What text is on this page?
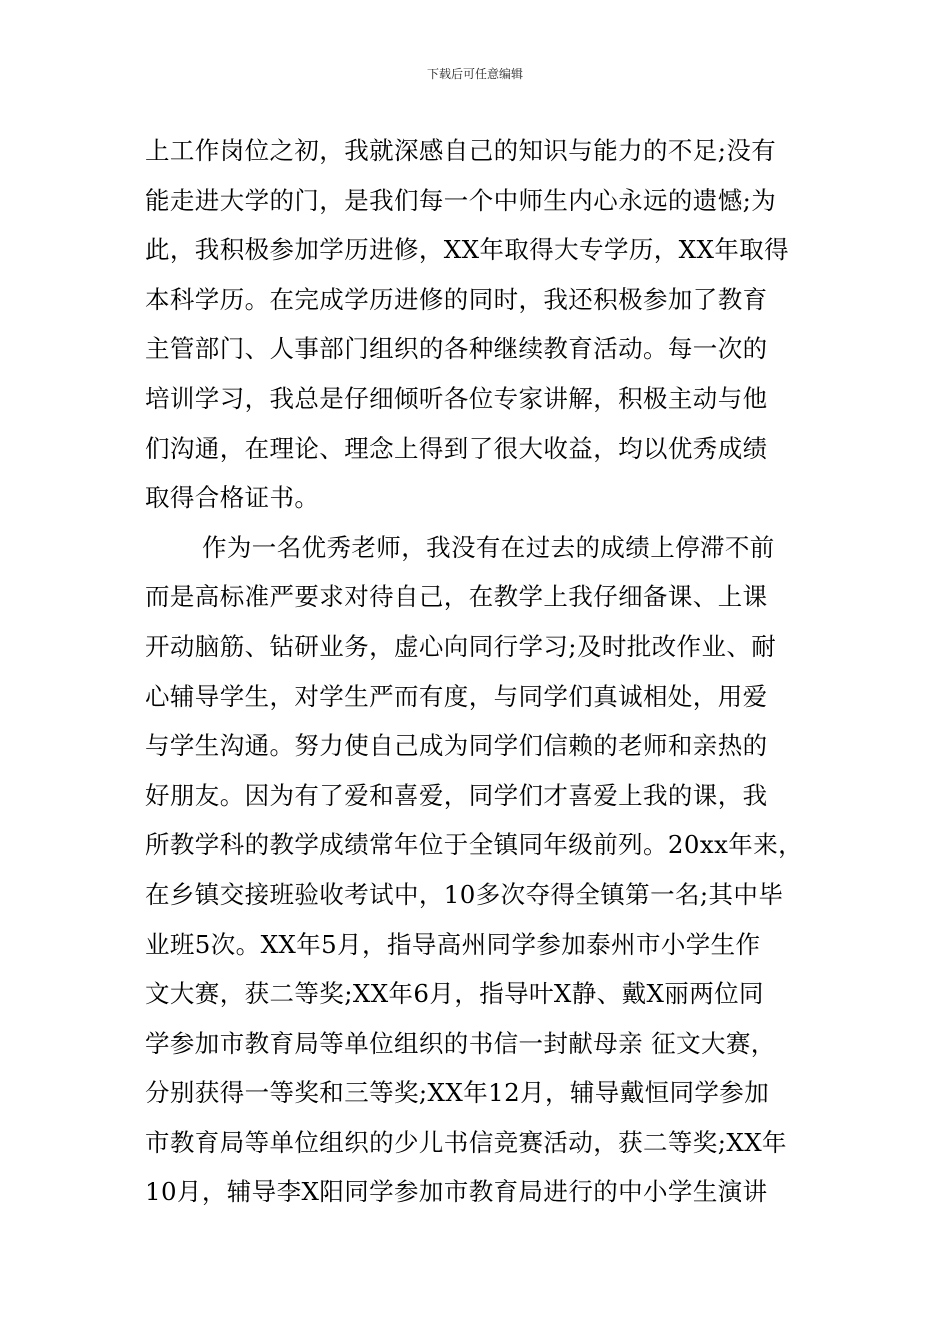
下载后可任意编辑
上工作岗位之初，我就深感自己的知识与能力的不足;没有
能走进大学的门，是我们每一个中师生内心永远的遗憾;为
此，我积极参加学历进修，XX年取得大专学历，XX年取得
本科学历。在完成学历进修的同时，我还积极参加了教育
主管部门、人事部门组织的各种继续教育活动。每一次的
培训学习，我总是仔细倾听各位专家讲解，积极主动与他
们沟通，在理论、理念上得到了很大收益，均以优秀成绩
取得合格证书。
作为一名优秀老师，我没有在过去的成绩上停滞不前
而是高标准严要求对待自己，在教学上我仔细备课、上课
开动脑筋、钻研业务，虚心向同行学习;及时批改作业、耐
心辅导学生，对学生严而有度，与同学们真诚相处，用爱
与学生沟通。努力使自己成为同学们信赖的老师和亲热的
好朋友。因为有了爱和喜爱，同学们才喜爱上我的课，我
所教学科的教学成绩常年位于全镇同年级前列。20xx年来，
在乡镇交接班验收考试中，10多次夺得全镇第一名;其中毕
业班5次。XX年5月，指导高州同学参加泰州市小学生作
文大赛，获二等奖;XX年6月，指导叶X静、戴X丽两位同
学参加市教育局等单位组织的书信一封献母亲 征文大赛，
分别获得一等奖和三等奖;XX年12月，辅导戴恒同学参加
市教育局等单位组织的少儿书信竞赛活动，获二等奖;XX年
10月，辅导李X阳同学参加市教育局进行的中小学生演讲
